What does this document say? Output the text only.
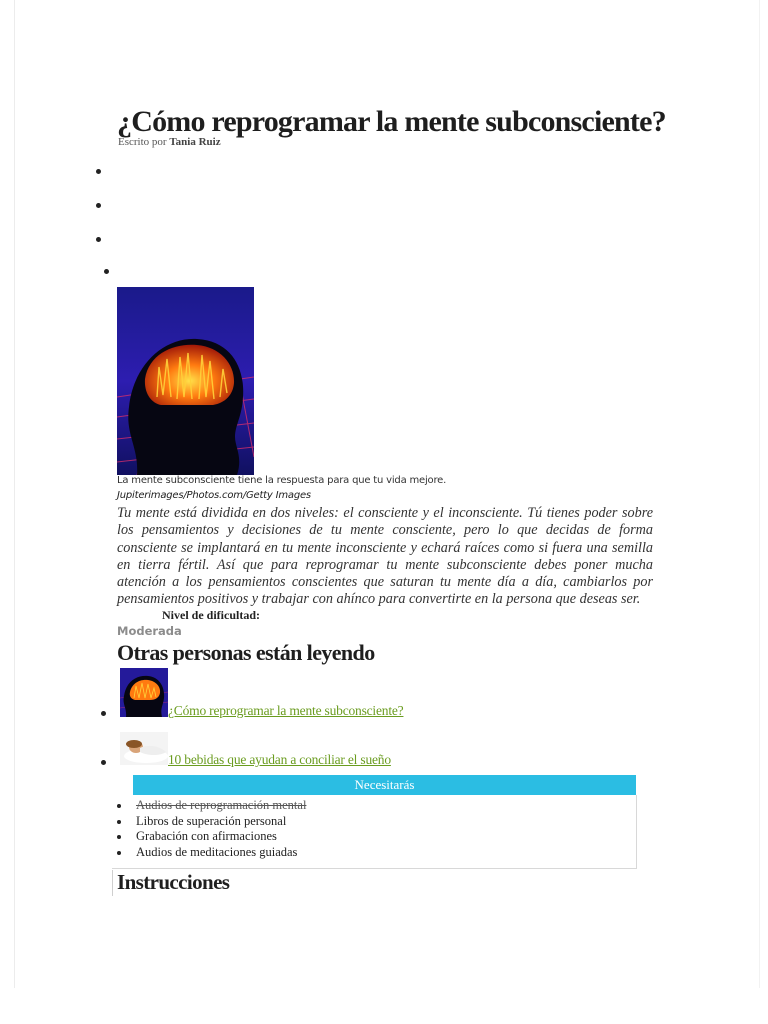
¿Cómo reprogramar la mente subconsciente?
Escrito por Tania Ruiz
La mente subconsciente tiene la respuesta para que tu vida mejore.
Jupiterimages/Photos.com/Getty Images

Tu mente está dividida en dos niveles: el consciente y el inconsciente. Tú tienes poder sobre los pensamientos y decisiones de tu mente consciente, pero lo que decidas de forma consciente se implantará en tu mente inconsciente y echará raíces como si fuera una semilla en tierra fértil. Así que para reprogramar tu mente subconsciente debes poner mucha atención a los pensamientos conscientes que saturan tu mente día a día, cambiarlos por pensamientos positivos y trabajar con ahínco para convertirte en la persona que deseas ser.

Nivel de dificultad:
Moderada
Otras personas están leyendo
¿Cómo reprogramar la mente subconsciente?
10 bebidas que ayudan a conciliar el sueño
Necesitarás
Audios de reprogramación mental
Libros de superación personal
Grabación con afirmaciones
Audios de meditaciones guiadas
Instrucciones
